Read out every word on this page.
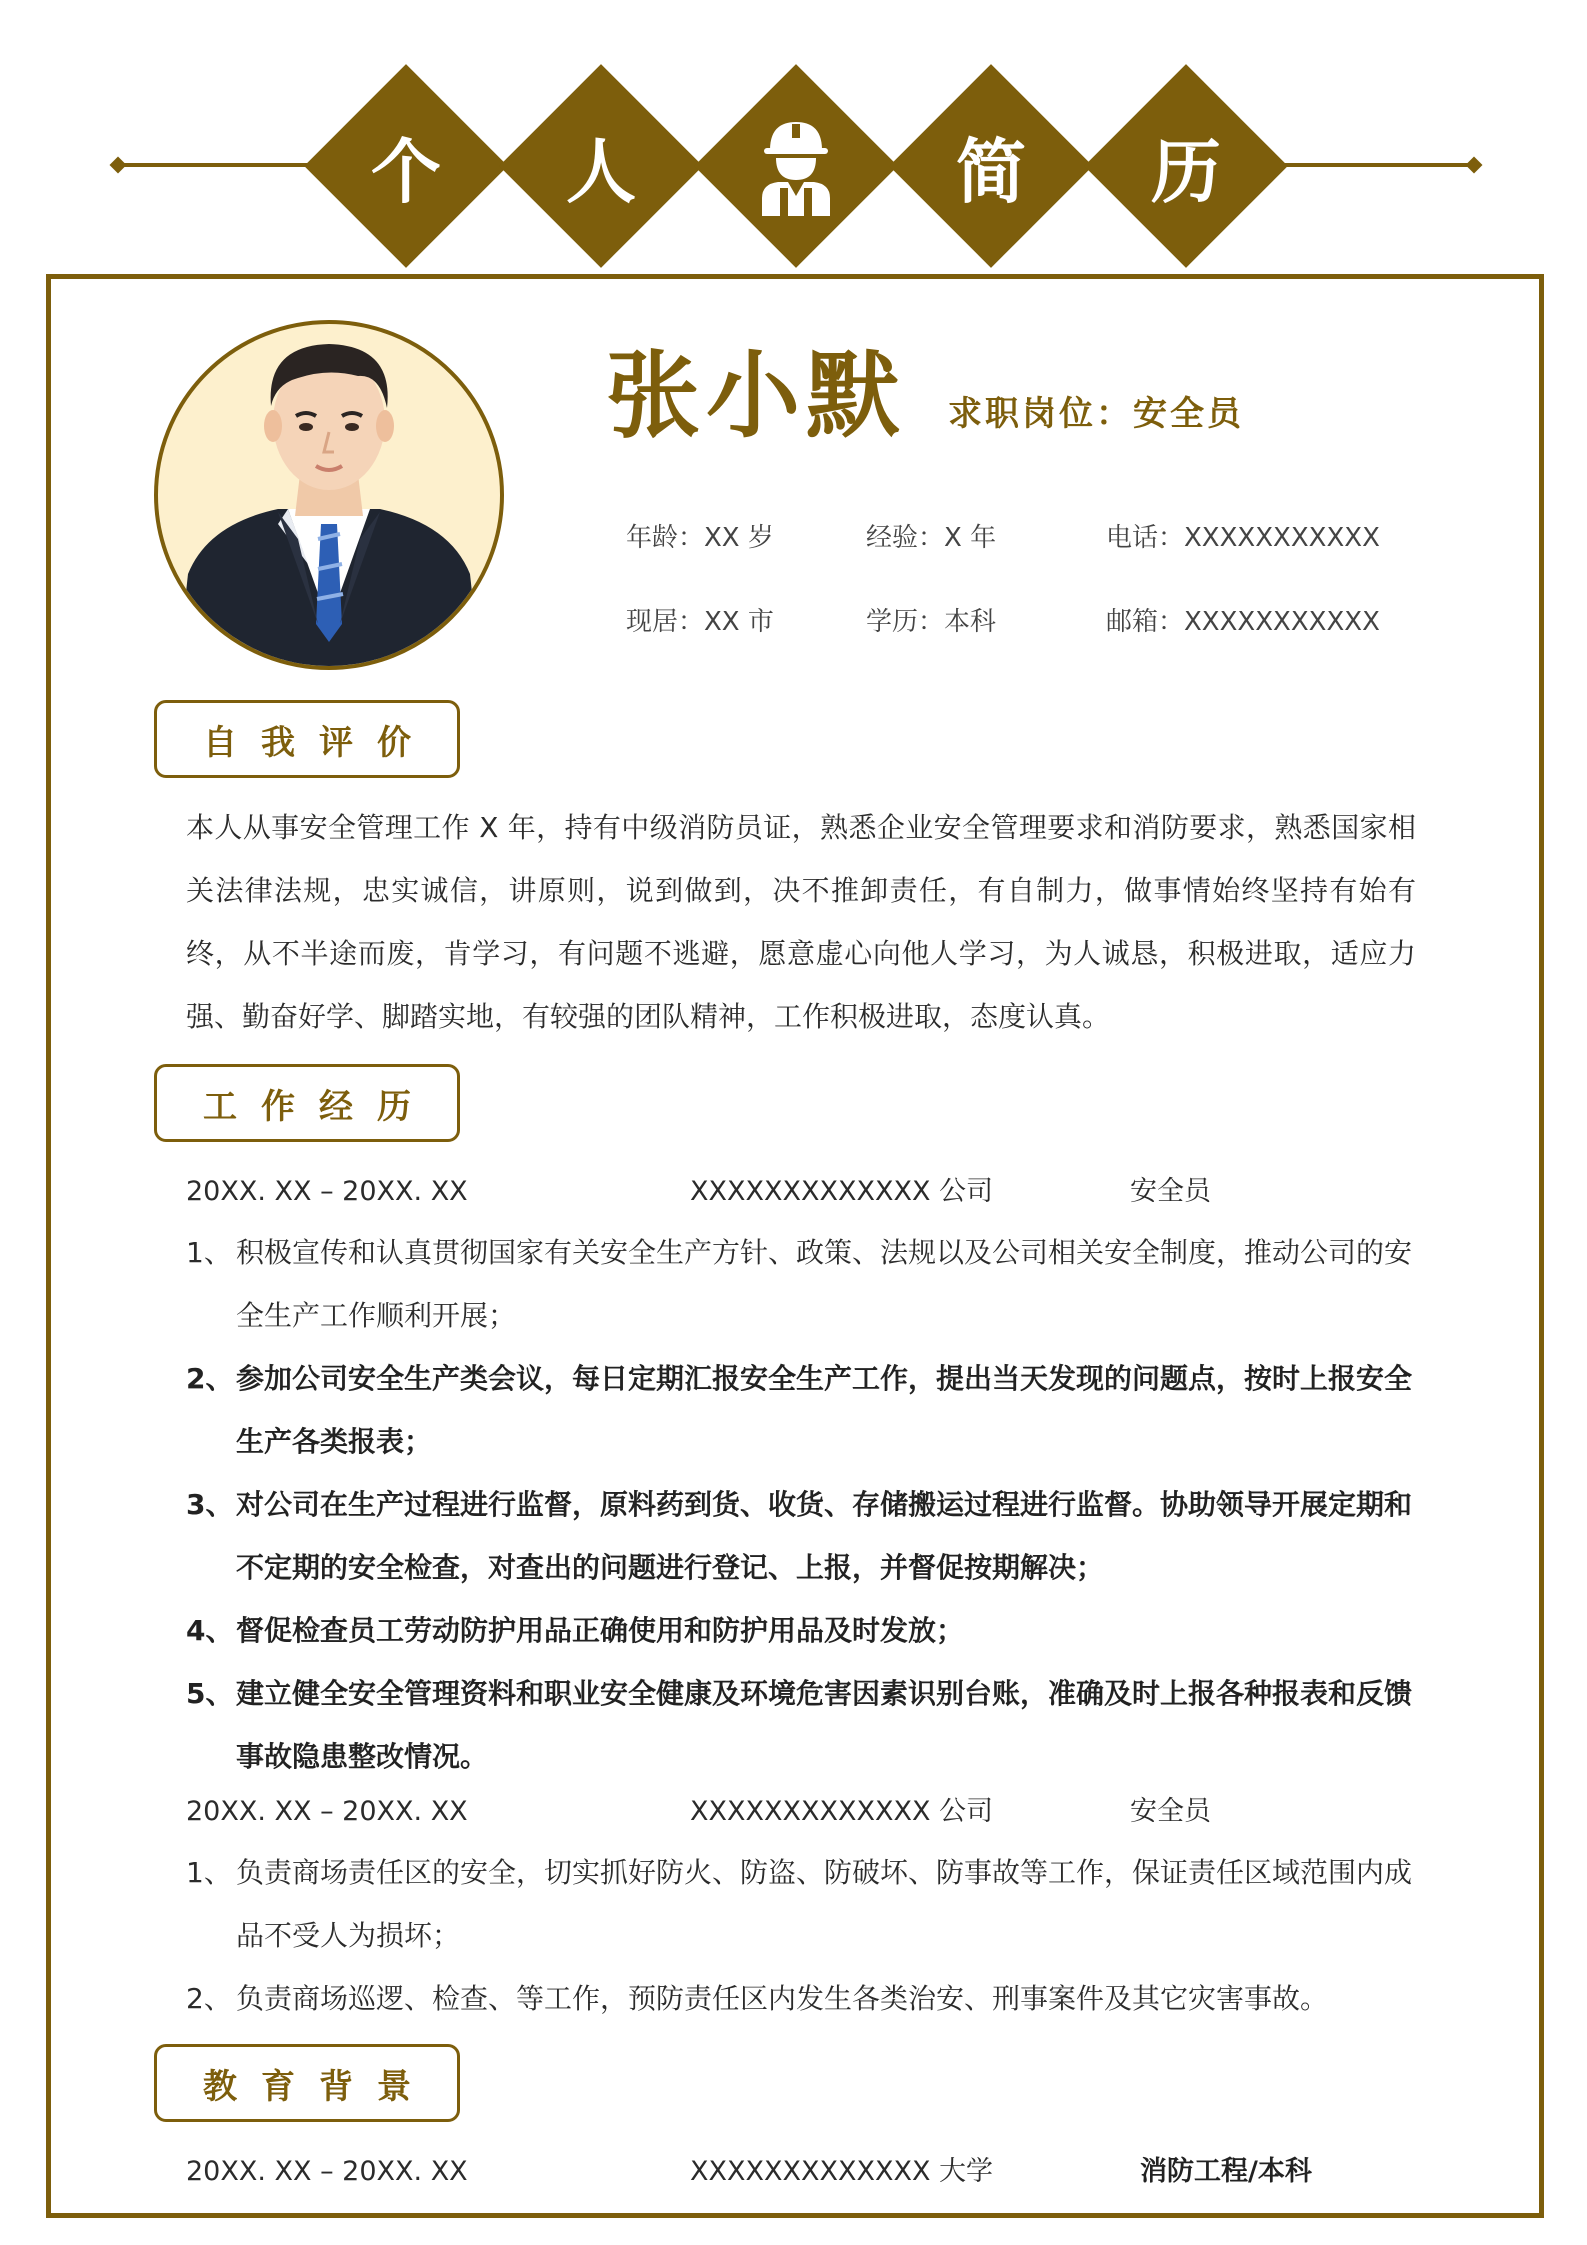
个	人	简	历
张小默 求职岗位：安全员
年龄：XX 岁	经验：X 年	电话：XXXXXXXXXXX
现居：XX 市	学历：本科	邮箱：XXXXXXXXXXX
自我评价
本人从事安全管理工作 X 年，持有中级消防员证，熟悉企业安全管理要求和消防要求，熟悉国家相关法律法规，忠实诚信，讲原则，说到做到，决不推卸责任，有自制力，做事情始终坚持有始有终，从不半途而废，肯学习，有问题不逃避，愿意虚心向他人学习，为人诚恳，积极进取，适应力强、勤奋好学、脚踏实地，有较强的团队精神，工作积极进取，态度认真。
工作经历
20XX. XX – 20XX. XX	XXXXXXXXXXXXX 公司	安全员
1、 积极宣传和认真贯彻国家有关安全生产方针、政策、法规以及公司相关安全制度，推动公司的安全生产工作顺利开展；
2、 参加公司安全生产类会议，每日定期汇报安全生产工作，提出当天发现的问题点，按时上报安全生产各类报表；
3、 对公司在生产过程进行监督，原料药到货、收货、存储搬运过程进行监督。协助领导开展定期和不定期的安全检查，对查出的问题进行登记、上报，并督促按期解决；
4、 督促检查员工劳动防护用品正确使用和防护用品及时发放；
5、 建立健全安全管理资料和职业安全健康及环境危害因素识别台账，准确及时上报各种报表和反馈事故隐患整改情况。
20XX. XX – 20XX. XX	XXXXXXXXXXXXX 公司	安全员
1、 负责商场责任区的安全，切实抓好防火、防盗、防破坏、防事故等工作，保证责任区域范围内成品不受人为损坏；
2、 负责商场巡逻、检查、等工作，预防责任区内发生各类治安、刑事案件及其它灾害事故。
教育背景
20XX. XX – 20XX. XX	XXXXXXXXXXXXX 大学	消防工程/本科
